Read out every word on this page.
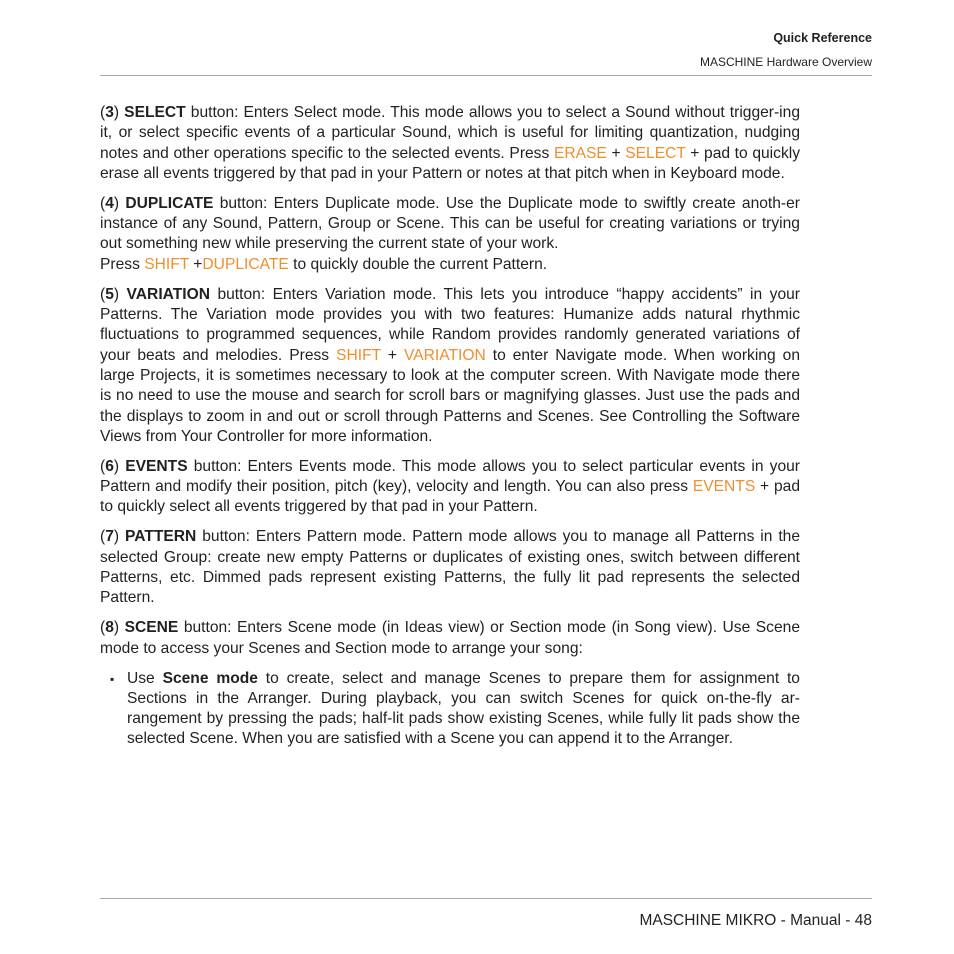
Quick Reference
MASCHINE Hardware Overview

(3) SELECT button: Enters Select mode. This mode allows you to select a Sound without trigger-ing it, or select specific events of a particular Sound, which is useful for limiting quantization, nudging notes and other operations specific to the selected events. Press ERASE + SELECT + pad to quickly erase all events triggered by that pad in your Pattern or notes at that pitch when in Keyboard mode.

(4) DUPLICATE button: Enters Duplicate mode. Use the Duplicate mode to swiftly create anoth-er instance of any Sound, Pattern, Group or Scene. This can be useful for creating variations or trying out something new while preserving the current state of your work.
Press SHIFT +DUPLICATE to quickly double the current Pattern.

(5) VARIATION button: Enters Variation mode. This lets you introduce “happy accidents” in your Patterns. The Variation mode provides you with two features: Humanize adds natural rhythmic fluctuations to programmed sequences, while Random provides randomly generated variations of your beats and melodies. Press SHIFT + VARIATION to enter Navigate mode. When working on large Projects, it is sometimes necessary to look at the computer screen. With Navigate mode there is no need to use the mouse and search for scroll bars or magnifying glasses. Just use the pads and the displays to zoom in and out or scroll through Patterns and Scenes. See Controlling the Software Views from Your Controller for more information.

(6) EVENTS button: Enters Events mode. This mode allows you to select particular events in your Pattern and modify their position, pitch (key), velocity and length. You can also press EVENTS + pad to quickly select all events triggered by that pad in your Pattern.

(7) PATTERN button: Enters Pattern mode. Pattern mode allows you to manage all Patterns in the selected Group: create new empty Patterns or duplicates of existing ones, switch between different Patterns, etc. Dimmed pads represent existing Patterns, the fully lit pad represents the selected Pattern.

(8) SCENE button: Enters Scene mode (in Ideas view) or Section mode (in Song view). Use Scene mode to access your Scenes and Section mode to arrange your song:

▪ Use Scene mode to create, select and manage Scenes to prepare them for assignment to Sections in the Arranger. During playback, you can switch Scenes for quick on-the-fly ar-rangement by pressing the pads; half-lit pads show existing Scenes, while fully lit pads show the selected Scene. When you are satisfied with a Scene you can append it to the Arranger.
MASCHINE MIKRO - Manual - 48
